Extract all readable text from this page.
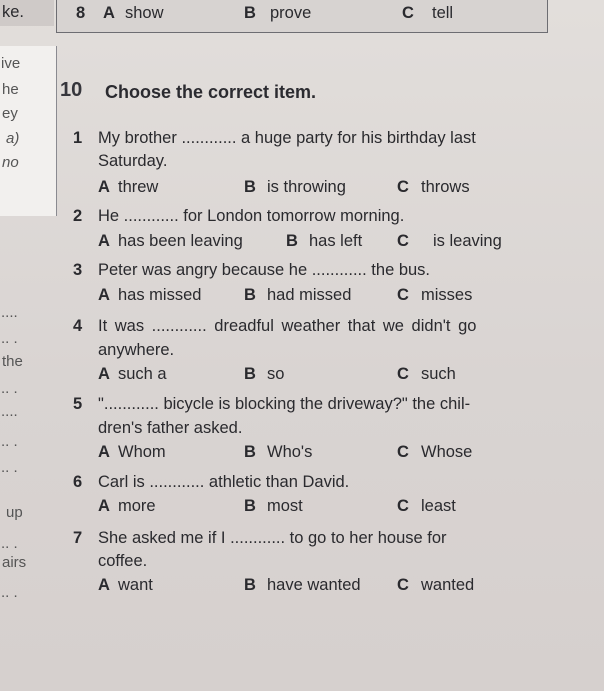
ke.	8 A show	B prove	C tell
ive
he
ey
a)
no
....
.. .
the
.. .
....
.. .
.. .
up
.. .
airs
.. .
10 Choose the correct item.
1 My brother ............ a huge party for his birthday last
Saturday.
A threw	B is throwing	C throws
2 He ............ for London tomorrow morning.
A has been leaving	B has left C is leaving
3 Peter was angry because he ............ the bus.
A has missed	B had missed	C misses
4 It was ............ dreadful weather that we didn't go
anywhere.
A such a	B so	C such
5 "............ bicycle is blocking the driveway?" the chil-
dren's father asked.
A Whom	B Who's	C Whose
6 Carl is ............ athletic than David.
A more	B most	C least
7 She asked me if I ............ to go to her house for
coffee.
A want	B have wanted C wanted
